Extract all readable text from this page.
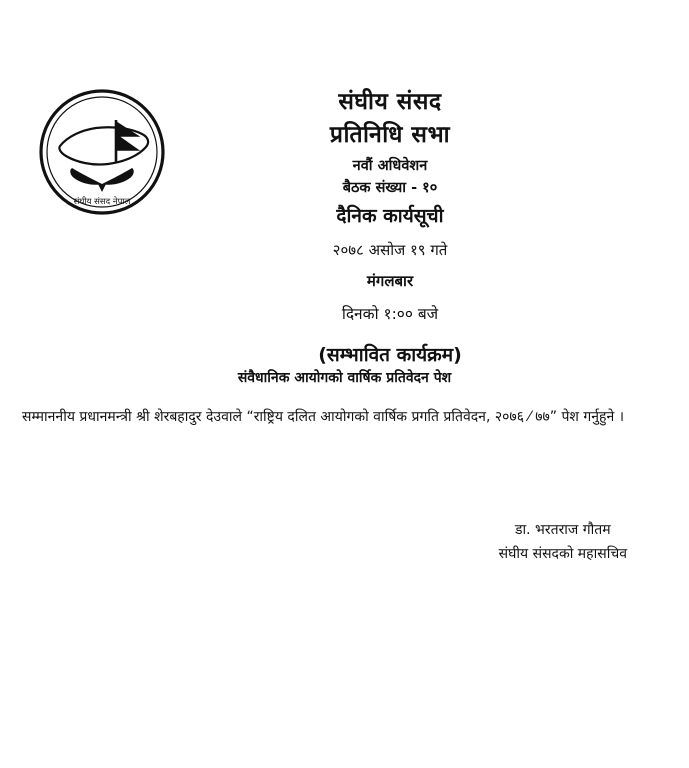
संघीय संसद नेपाल
संघीय संसद
प्रतिनिधि सभा
नवौं अधिवेशन
बैठक संख्या - १०
दैनिक कार्यसूची
२०७८ असोज १९ गते
मंगलबार
दिनको १:०० बजे
(सम्भावित कार्यक्रम)
संवैधानिक आयोगको वार्षिक प्रतिवेदन पेश
सम्माननीय प्रधानमन्त्री श्री शेरबहादुर देउवाले “राष्ट्रिय दलित आयोगको वार्षिक प्रगति प्रतिवेदन, २०७६ ⁄ ७७” पेश गर्नुहुने ।
डा. भरतराज गौतम
संघीय संसदको महासचिव
